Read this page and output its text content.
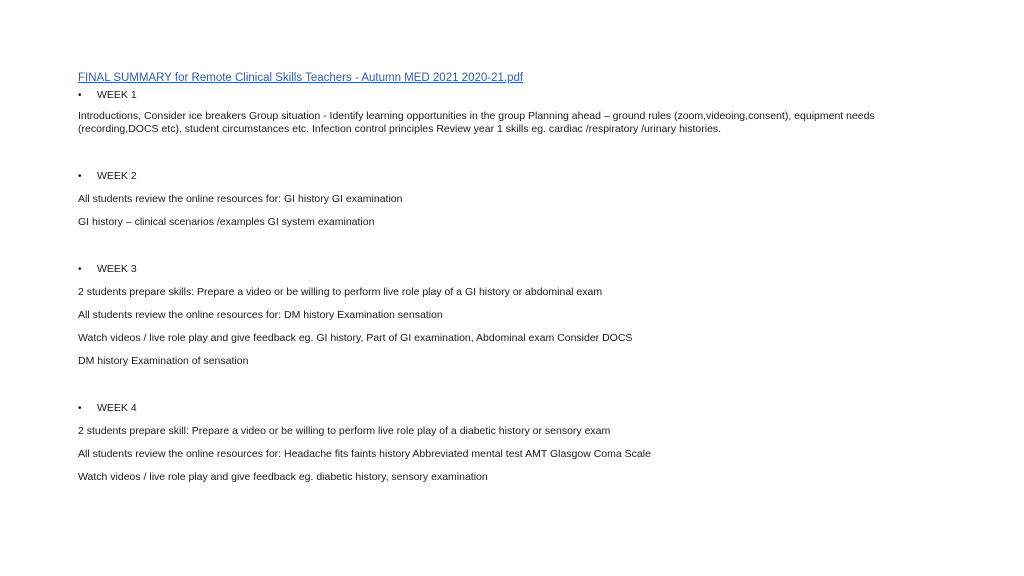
FINAL SUMMARY for Remote Clinical Skills Teachers - Autumn MED 2021 2020-21.pdf
•	WEEK 1

Introductions, Consider ice breakers Group situation - Identify learning opportunities in the group Planning ahead – ground rules (zoom,videoing,consent), equipment needs (recording,DOCS etc), student circumstances etc. Infection control principles Review year 1 skills eg. cardiac /respiratory /urinary histories.

•	WEEK 2

All students review the online resources for: GI history GI examination

GI history – clinical scenarios /examples GI system examination

•	WEEK 3

2 students prepare skills: Prepare a video or be willing to perform live role play of a GI history or abdominal exam

All students review the online resources for: DM history Examination sensation

Watch videos / live role play and give feedback eg. GI history, Part of GI examination, Abdominal exam Consider DOCS

DM history Examination of sensation

•	WEEK 4

2 students prepare skill: Prepare a video or be willing to perform live role play of a diabetic history or sensory exam

All students review the online resources for: Headache fits faints history Abbreviated mental test AMT Glasgow Coma Scale

Watch videos / live role play and give feedback eg. diabetic history, sensory examination
